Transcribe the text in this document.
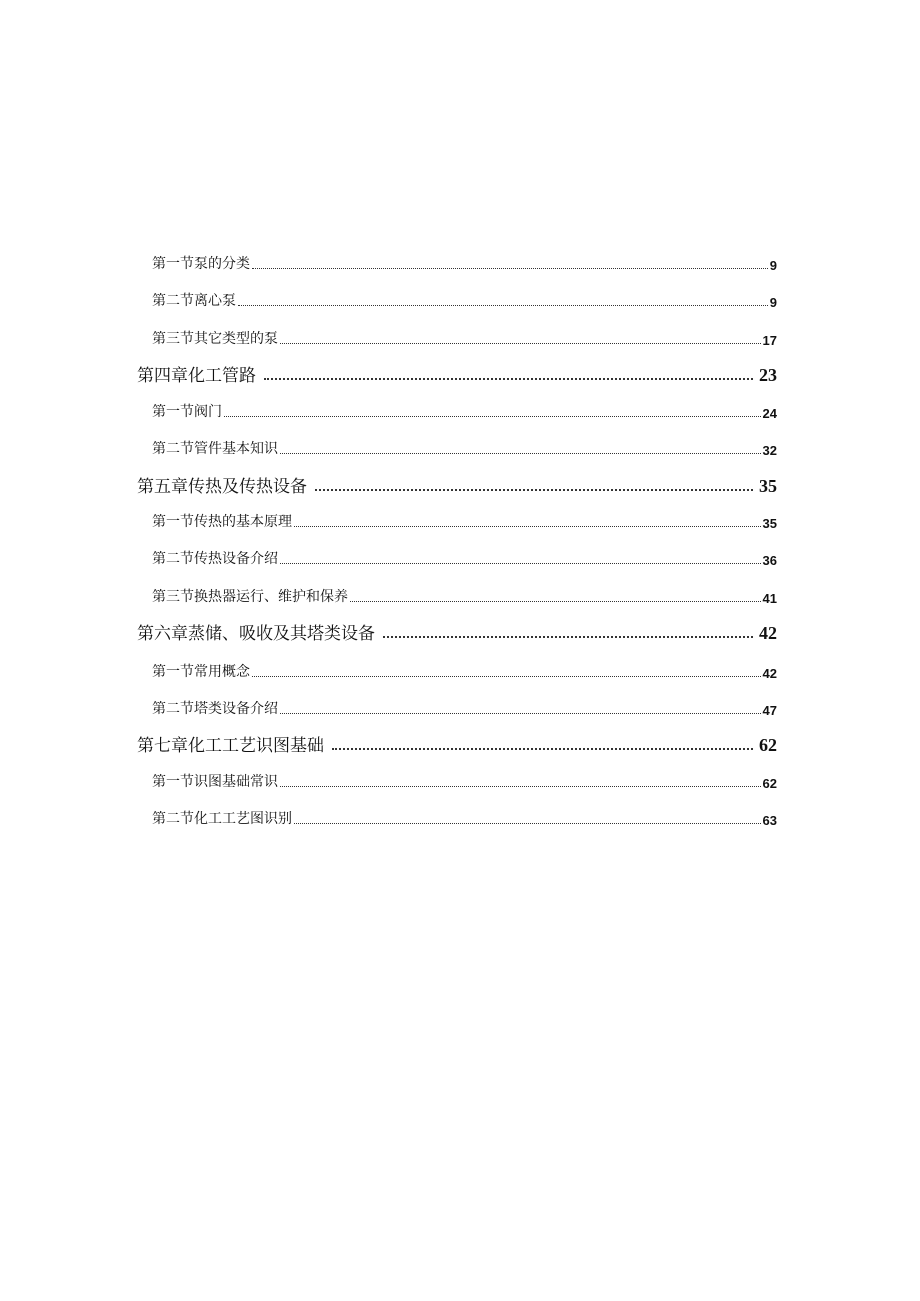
第一节泵的分类	9
第二节离心泵	9
第三节其它类型的泵	17
第四章化工管路	23
第一节阀门	24
第二节管件基本知识	32
第五章传热及传热设备	35
第一节传热的基本原理	35
第二节传热设备介绍	36
第三节换热器运行、维护和保养	41
第六章蒸储、吸收及其塔类设备	42
第一节常用概念	42
第二节塔类设备介绍	47
第七章化工工艺识图基础	62
第一节识图基础常识	62
第二节化工工艺图识别	63
